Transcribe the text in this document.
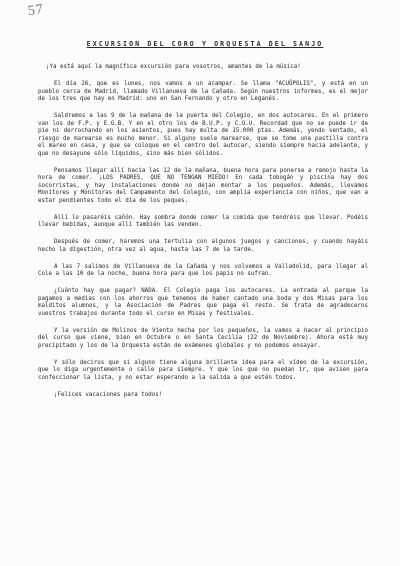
57
EXCURSION DEL CORO Y ORQUESTA DEL SANJO

¡Ya está aquí la magnífica excursión para vosotros, amantes de la música!

El día 26, que es lunes, nos vamos a un acampar. Se llama "ACUÓPOLIS", y está en un pueblo cerca de Madrid, llamado Villanueva de la Cañada. Según nuestros informes, es el mejor de los tres que hay en Madrid: uno en San Fernando y otro en Leganés.

Saldremos a las 9 de la mañana de la puerta del Colegio, en dos autocares. En el primero van los de F.P. y E.G.B. Y en el otro los de B.U.P. y C.O.U. Recordad que no se puede ir de pie ni derrochando en los asientos, pues hay multa de 15.000 ptas. Además, yendo sentado, el riesgo de marearse es mucho menor. Si alguno suele marearse, que se tome una pastilla contra el mareo en casa, y que se coloque en el centro del autocar, siendo siempre hacia adelante, y que no desayune sólo líquidos, sino más bien sólidos.

Pensamos llegar allí hacia las 12 de la mañana, buena hora para ponerse a remojo hasta la hora de comer. ¡LOS PADRES, QUE NO TENGAN MIEDO! En cada tobogán y piscina hay dos socorristas, y hay instalaciones donde no dejan montar a los pequeños. Además, llevamos Monitores y Monitoras del Campamento del Colegio, con amplia experiencia con niños, que van a estar pendientes todo el día de los peques.

Allí lo pasaréis cañón. Hay sombra donde comer la comida que tendréis que llevar. Podéis llevar bebidas, aunque allí también las venden.

Después de comer, haremos una tertulia con algunos juegos y canciones, y cuando hayáis hecho la digestión, otra vez al agua, hasta las 7 de la tarde.

A las 7 salimos de Villanueva de la Cañada y nos volvemos a Valladolid, para llegar al Cole a las 10 de la noche, buena hora para que los papis no sufran.

¿Cuánto hay que pagar? NADA. El Colegio paga los autocares. La entrada al parque la pagamos a medias con los ahorros que tenemos de haber cantado una boda y dos Misas para los malditos alumnos, y la Asociación de Padres que paga el resto. Se trata de agradeceros vuestros trabajos durante todo el curso en Misas y festivales.

Y la versión de Molinos de Viento hecha por los pequeños, la vamos a hacer al principio del curso que viene, bien en Octubre o en Santa Cecilia (22 de Noviembre). Ahora está muy precipitado y los de la Orquesta están de exámenes globales y no podemos ensayar.

Y sólo deciros que si alguno tiene alguna brillante idea para el vídeo de la excursión, que lo diga urgentemente o calle para siempre. Y que los que no puedan ir, que avisen para confeccionar la lista, y no estar esperando a la salida a que estén todos.

¡Felices vacaciones para todos!
